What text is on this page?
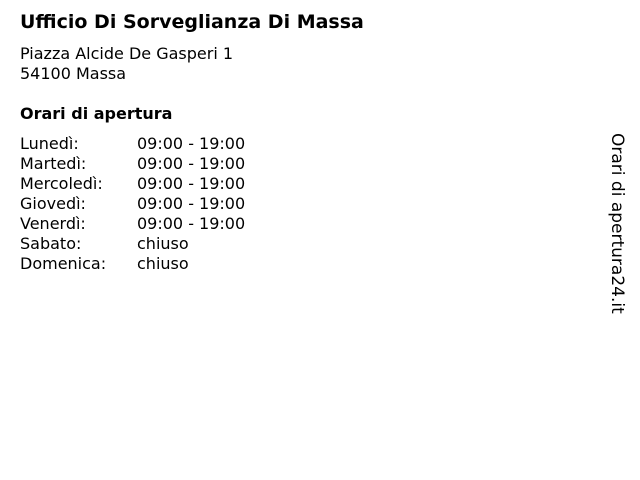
Ufficio Di Sorveglianza Di Massa
Piazza Alcide De Gasperi 1
54100 Massa
Orari di apertura
Lunedì:	09:00 - 19:00
Martedì:	09:00 - 19:00
Mercoledì: 09:00 - 19:00
Giovedì:	09:00 - 19:00
Venerdì:	09:00 - 19:00
Sabato:	chiuso
Domenica: chiuso	Orari di apertura24.it
